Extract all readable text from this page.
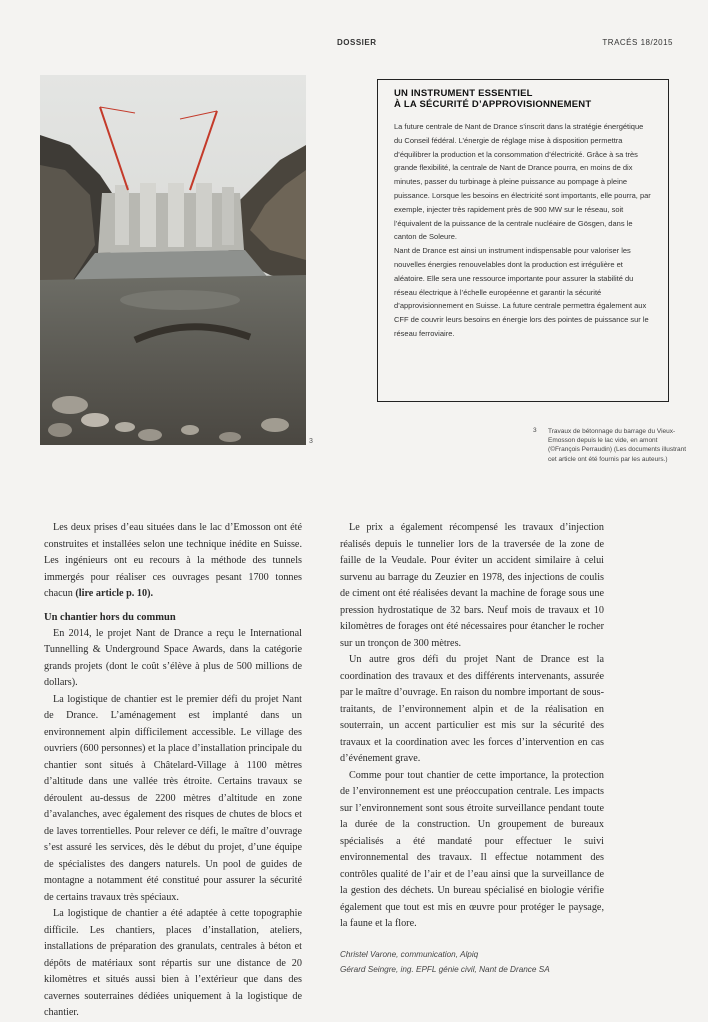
DOSSIER	TRACÉS 18/2015
3
UN INSTRUMENT ESSENTIEL
À LA SÉCURITÉ D’APPROVISIONNEMENT

La future centrale de Nant de Drance s’inscrit dans la stratégie énergétique du Conseil fédéral. L’énergie de réglage mise à disposition permettra d’équilibrer la production et la consommation d’électricité. Grâce à sa très grande flexibilité, la centrale de Nant de Drance pourra, en moins de dix minutes, passer du turbinage à pleine puissance au pompage à pleine puissance. Lorsque les besoins en électricité sont importants, elle pourra, par exemple, injecter très rapidement près de 900 MW sur le réseau, soit l’équivalent de la puissance de la centrale nucléaire de Gösgen, dans le canton de Soleure.

Nant de Drance est ainsi un instrument indispensable pour valoriser les nouvelles énergies renouvelables dont la production est irrégulière et aléatoire. Elle sera une ressource importante pour assurer la stabilité du réseau électrique à l’échelle européenne et garantir la sécurité d’approvisionnement en Suisse. La future centrale permettra également aux CFF de couvrir leurs besoins en énergie lors des pointes de puissance sur le réseau ferroviaire.

3 Travaux de bétonnage du barrage du Vieux-Emosson depuis le lac vide, en amont (©François Perraudin) (Les documents illustrant cet article ont été fournis par les auteurs.)

Les deux prises d’eau situées dans le lac d’Emosson ont été construites et installées selon une technique inédite en Suisse. Les ingénieurs ont eu recours à la méthode des tunnels immergés pour réaliser ces ouvrages pesant 1700 tonnes chacun (lire article p. 10).

Un chantier hors du commun

En 2014, le projet Nant de Drance a reçu le International Tunnelling & Underground Space Awards, dans la catégorie grands projets (dont le coût s’élève à plus de 500 millions de dollars).

La logistique de chantier est le premier défi du projet Nant de Drance. L’aménagement est implanté dans un environnement alpin difficilement accessible. Le village des ouvriers (600 personnes) et la place d’installation principale du chantier sont situés à Châtelard-Village à 1100 mètres d’altitude dans une vallée très étroite. Certains travaux se déroulent au-dessus de 2200 mètres d’altitude en zone d’avalanches, avec également des risques de chutes de blocs et de laves torrentielles. Pour relever ce défi, le maître d’ouvrage s’est assuré les services, dès le début du projet, d’une équipe de spécialistes des dangers naturels. Un pool de guides de montagne a notamment été constitué pour assurer la sécurité de certains travaux très spéciaux.

La logistique de chantier a été adaptée à cette topographie difficile. Les chantiers, places d’installation, ateliers, installations de préparation des granulats, centrales à béton et dépôts de matériaux sont répartis sur une distance de 20 kilomètres et situés aussi bien à l’extérieur que dans des cavernes souterraines dédiées uniquement à la logistique de chantier.

Le prix a également récompensé les travaux d’injection réalisés depuis le tunnelier lors de la traversée de la zone de faille de la Veudale. Pour éviter un accident similaire à celui survenu au barrage du Zeuzier en 1978, des injections de coulis de ciment ont été réalisées devant la machine de forage sous une pression hydrostatique de 32 bars. Neuf mois de travaux et 10 kilomètres de forages ont été nécessaires pour étancher le rocher sur un tronçon de 300 mètres.

Un autre gros défi du projet Nant de Drance est la coordination des travaux et des différents intervenants, assurée par le maître d’ouvrage. En raison du nombre important de sous-traitants, de l’environnement alpin et de la réalisation en souterrain, un accent particulier est mis sur la sécurité des travaux et la coordination avec les forces d’intervention en cas d’événement grave.

Comme pour tout chantier de cette importance, la protection de l’environnement est une préoccupation centrale. Les impacts sur l’environnement sont sous étroite surveillance pendant toute la durée de la construction. Un groupement de bureaux spécialisés a été mandaté pour effectuer le suivi environnemental des travaux. Il effectue notamment des contrôles qualité de l’air et de l’eau ainsi que la surveillance de la gestion des déchets. Un bureau spécialisé en biologie vérifie également que tout est mis en œuvre pour protéger le paysage, la faune et la flore.

Christel Varone, communication, Alpiq
Gérard Seingre, ing. EPFL génie civil, Nant de Drance SA
